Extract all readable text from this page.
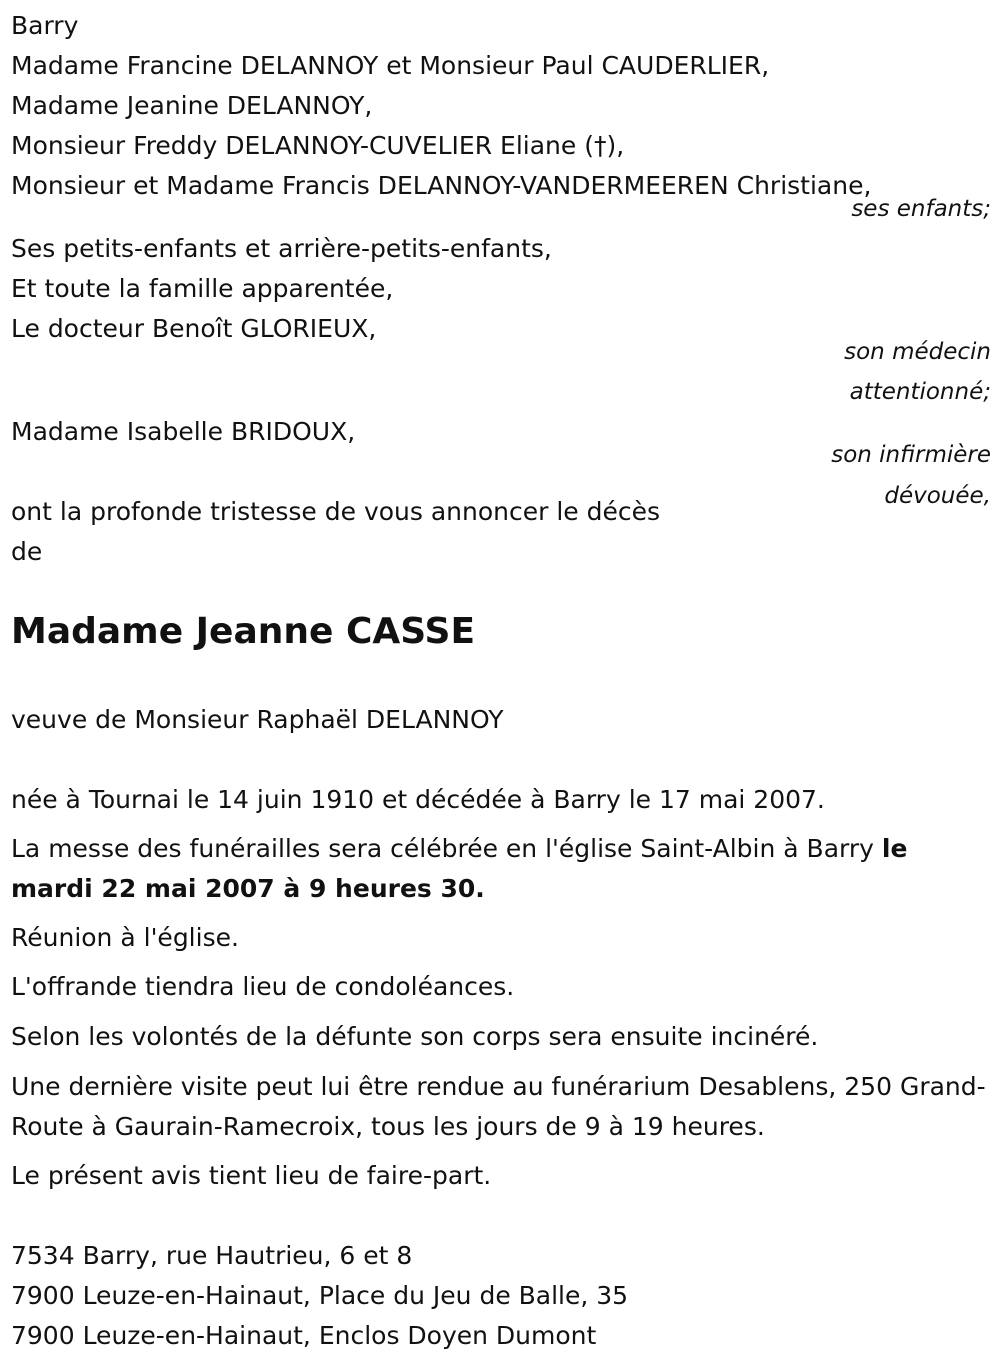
Barry
Madame Francine DELANNOY et Monsieur Paul CAUDERLIER,
Madame Jeanine DELANNOY,
Monsieur Freddy DELANNOY-CUVELIER Eliane (†),
Monsieur et Madame Francis DELANNOY-VANDERMEEREN Christiane,
ses enfants;
Ses petits-enfants et arrière-petits-enfants,
Et toute la famille apparentée,
Le docteur Benoît GLORIEUX,
son médecin
attentionné;
Madame Isabelle BRIDOUX,
son infirmière
dévouée,
ont la profonde tristesse de vous annoncer le décès
de
Madame Jeanne CASSE
veuve de Monsieur Raphaël DELANNOY
née à Tournai le 14 juin 1910 et décédée à Barry le 17 mai 2007.
La messe des funérailles sera célébrée en l'église Saint-Albin à Barry le mardi 22 mai 2007 à 9 heures 30.
Réunion à l'église.
L'offrande tiendra lieu de condoléances.
Selon les volontés de la défunte son corps sera ensuite incinéré.
Une dernière visite peut lui être rendue au funérarium Desablens, 250 Grand-Route à Gaurain-Ramecroix, tous les jours de 9 à 19 heures.
Le présent avis tient lieu de faire-part.
7534 Barry, rue Hautrieu, 6 et 8
7900 Leuze-en-Hainaut, Place du Jeu de Balle, 35
7900 Leuze-en-Hainaut, Enclos Doyen Dumont
